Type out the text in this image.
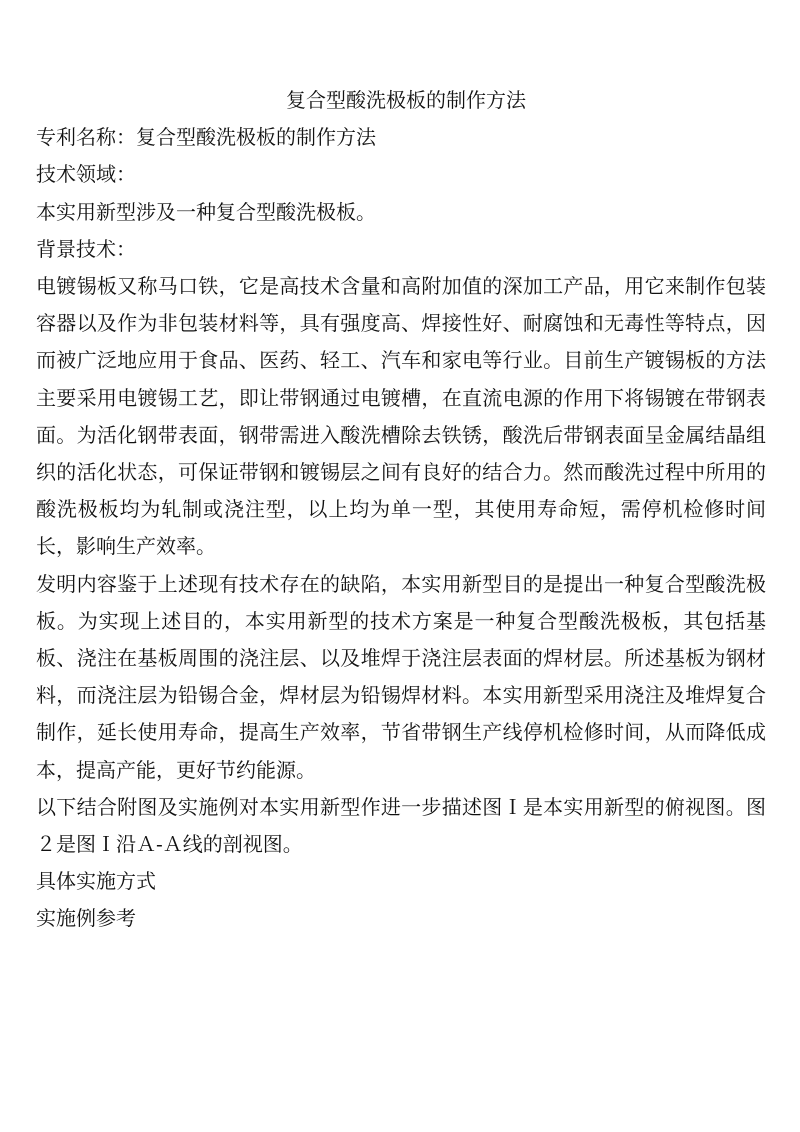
复合型酸洗极板的制作方法

专利名称：复合型酸洗极板的制作方法

技术领域：

本实用新型涉及一种复合型酸洗极板。

背景技术：

电镀锡板又称马口铁，它是高技术含量和高附加值的深加工产品，用它来制作包装容器以及作为非包装材料等，具有强度高、焊接性好、耐腐蚀和无毒性等特点，因而被广泛地应用于食品、医药、轻工、汽车和家电等行业。目前生产镀锡板的方法主要采用电镀锡工艺，即让带钢通过电镀槽，在直流电源的作用下将锡镀在带钢表面。为活化钢带表面，钢带需进入酸洗槽除去铁锈，酸洗后带钢表面呈金属结晶组织的活化状态，可保证带钢和镀锡层之间有良好的结合力。然而酸洗过程中所用的酸洗极板均为轧制或浇注型，以上均为单一型，其使用寿命短，需停机检修时间长，影响生产效率。

发明内容鉴于上述现有技术存在的缺陷，本实用新型目的是提出一种复合型酸洗极板。为实现上述目的，本实用新型的技术方案是一种复合型酸洗极板，其包括基板、浇注在基板周围的浇注层、以及堆焊于浇注层表面的焊材层。所述基板为钢材料，而浇注层为铅锡合金，焊材层为铅锡焊材料。本实用新型采用浇注及堆焊复合制作，延长使用寿命，提高生产效率，节省带钢生产线停机检修时间，从而降低成本，提高产能，更好节约能源。

以下结合附图及实施例对本实用新型作进一步描述图Ｉ是本实用新型的俯视图。图２是图Ｉ沿Ａ-Ａ线的剖视图。

具体实施方式

实施例参考
